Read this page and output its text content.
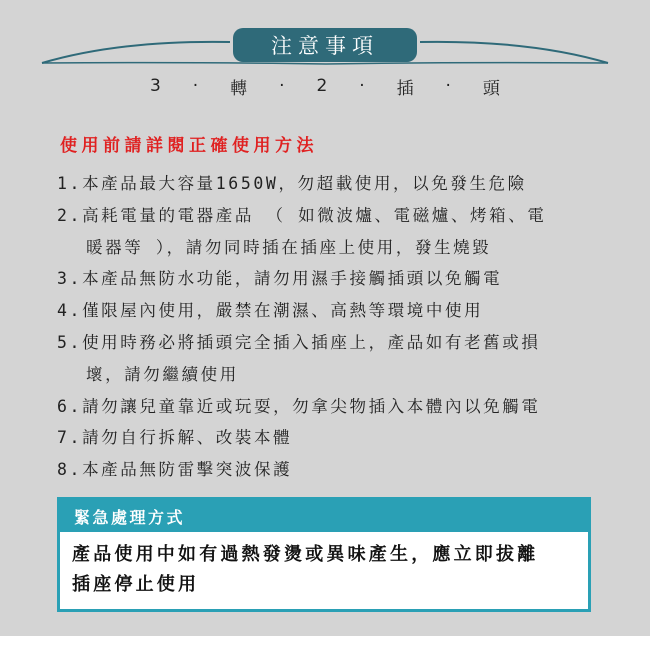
注意事項
3 · 轉 · 2 · 插 · 頭
使用前請詳閱正確使用方法
1.本產品最大容量1650W，勿超載使用，以免發生危險
2.高耗電量的電器產品 （ 如微波爐、電磁爐、烤箱、電
暖器等 ），請勿同時插在插座上使用，發生燒毀
3.本產品無防水功能，請勿用濕手接觸插頭以免觸電
4.僅限屋內使用，嚴禁在潮濕、高熱等環境中使用
5.使用時務必將插頭完全插入插座上，產品如有老舊或損
壞，請勿繼續使用
6.請勿讓兒童靠近或玩耍，勿拿尖物插入本體內以免觸電
7.請勿自行拆解、改裝本體
8.本產品無防雷擊突波保護
緊急處理方式
產品使用中如有過熱發燙或異味產生，應立即拔離
插座停止使用
